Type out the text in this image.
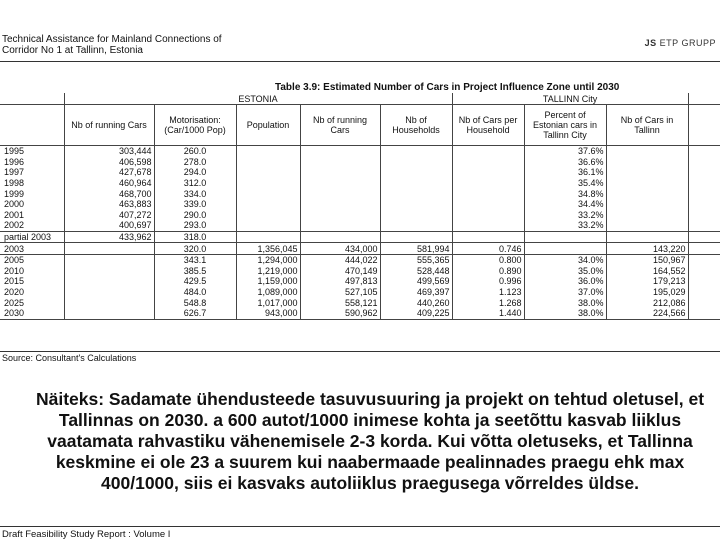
Technical Assistance for Mainland Connections of
Corridor No 1 at Tallinn, Estonia
JS ETP GRUPP
Table 3.9: Estimated Number of Cars in Project Influence Zone until 2030
	ESTONIA					TALLINN City			
	Nb of running Cars	Motorisation: (Car/1000 Pop)	Population	Nb of running Cars	Nb of Households	Nb of Cars per Household	Percent of Estonian cars in Tallinn City	Nb of Cars in Tallinn	
1995	303,444	260.0					37.6%		
1996	406,598	278.0					36.6%		
1997	427,678	294.0					36.1%		
1998	460,964	312.0					35.4%		
1999	468,700	334.0					34.8%		
2000	463,883	339.0					34.4%		
2001	407,272	290.0					33.2%		
2002	400,697	293.0					33.2%		
partial 2003	433,962	318.0							
2003		320.0	1,356,045	434,000	581,994	0.746		143,220	
2005		343.1	1,294,000	444,022	555,365	0.800	34.0%	150,967	
2010		385.5	1,219,000	470,149	528,448	0.890	35.0%	164,552	
2015		429.5	1,159,000	497,813	499,569	0.996	36.0%	179,213	
2020		484.0	1,089,000	527,105	469,397	1.123	37.0%	195,029	
2025		548.8	1,017,000	558,121	440,260	1.268	38.0%	212,086	
2030		626.7	943,000	590,962	409,225	1.440	38.0%	224,566	
Source: Consultant's Calculations
Näiteks: Sadamate ühendusteede tasuvusuuring ja projekt on tehtud oletusel, et Tallinnas on 2030. a 600 autot/1000 inimese kohta ja seetõttu kasvab liiklus vaatamata rahvastiku vähenemisele 2-3 korda. Kui võtta oletuseks, et Tallinna keskmine ei ole 23 a suurem kui naabermaade pealinnades praegu ehk max 400/1000, siis ei kasvaks autoliiklus praegusega võrreldes üldse.
Draft Feasibility Study Report : Volume I
